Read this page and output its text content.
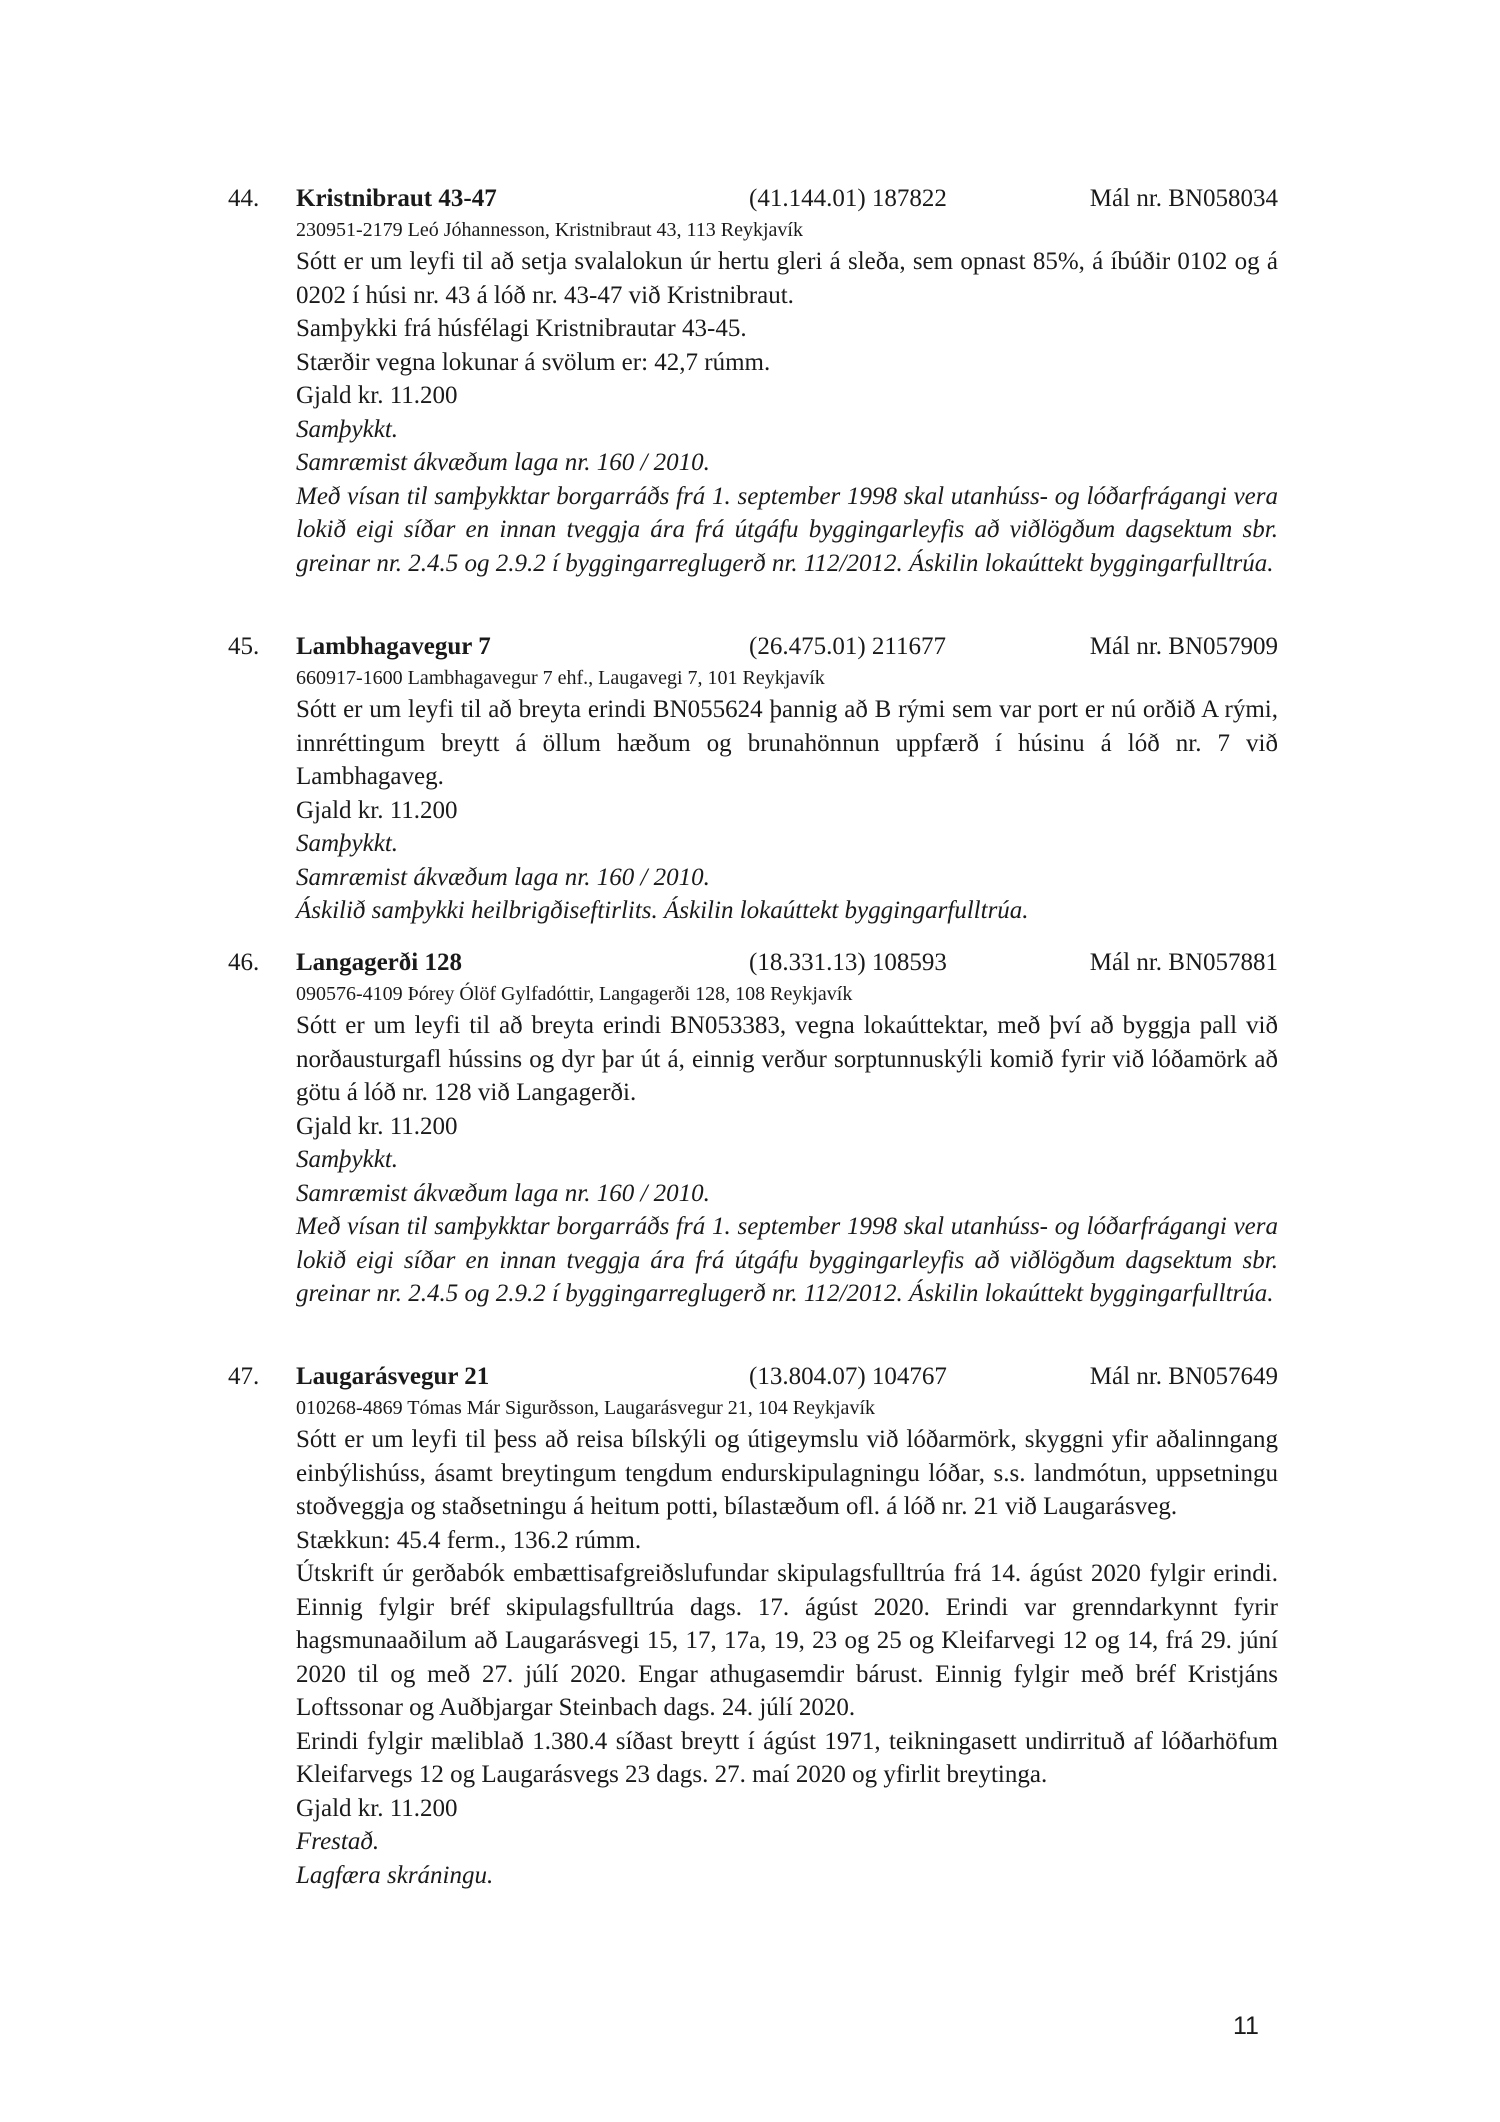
44. Kristnibraut 43-47	(41.144.01) 187822	Mál nr. BN058034
230951-2179 Leó Jóhannesson, Kristnibraut 43, 113 Reykjavík
Sótt er um leyfi til að setja svalalokun úr hertu gleri á sleða, sem opnast 85%, á íbúðir 0102 og á 0202 í húsi nr. 43 á lóð nr. 43-47 við Kristnibraut.
Samþykki frá húsfélagi Kristnibrautar 43-45.
Stærðir vegna lokunar á svölum er: 42,7 rúmm.
Gjald kr. 11.200
Samþykkt.
Samræmist ákvæðum laga nr. 160 / 2010.
Með vísan til samþykktar borgarráðs frá 1. september 1998 skal utanhúss- og lóðarfrágangi vera lokið eigi síðar en innan tveggja ára frá útgáfu byggingarleyfis að viðlögðum dagsektum sbr. greinar nr. 2.4.5 og 2.9.2 í byggingarreglugerð nr. 112/2012. Áskilin lokaúttekt byggingarfulltrúa.
45. Lambhagavegur 7	(26.475.01) 211677	Mál nr. BN057909
660917-1600 Lambhagavegur 7 ehf., Laugavegi 7, 101 Reykjavík
Sótt er um leyfi til að breyta erindi BN055624 þannig að B rými sem var port er nú orðið A rými, innréttingum breytt á öllum hæðum og brunahönnun uppfærð í húsinu á lóð nr. 7 við Lambhagaveg.
Gjald kr. 11.200
Samþykkt.
Samræmist ákvæðum laga nr. 160 / 2010.
Áskilið samþykki heilbrigðiseftirlits. Áskilin lokaúttekt byggingarfulltrúa.
46. Langagerði 128	(18.331.13) 108593	Mál nr. BN057881
090576-4109 Þórey Ólöf Gylfadóttir, Langagerði 128, 108 Reykjavík
Sótt er um leyfi til að breyta erindi BN053383, vegna lokaúttektar, með því að byggja pall við norðausturgafl hússins og dyr þar út á, einnig verður sorptunnuskýli komið fyrir við lóðamörk að götu á lóð nr. 128 við Langagerði.
Gjald kr. 11.200
Samþykkt.
Samræmist ákvæðum laga nr. 160 / 2010.
Með vísan til samþykktar borgarráðs frá 1. september 1998 skal utanhúss- og lóðarfrágangi vera lokið eigi síðar en innan tveggja ára frá útgáfu byggingarleyfis að viðlögðum dagsektum sbr. greinar nr. 2.4.5 og 2.9.2 í byggingarreglugerð nr. 112/2012. Áskilin lokaúttekt byggingarfulltrúa.
47. Laugarásvegur 21	(13.804.07) 104767	Mál nr. BN057649
010268-4869 Tómas Már Sigurðsson, Laugarásvegur 21, 104 Reykjavík
Sótt er um leyfi til þess að reisa bílskýli og útigeymslu við lóðarmörk, skyggni yfir aðalinngang einbýlishúss, ásamt breytingum tengdum endurskipulagningu lóðar, s.s. landmótun, uppsetningu stoðveggja og staðsetningu á heitum potti, bílastæðum ofl. á lóð nr. 21 við Laugarásveg.
Stækkun: 45.4 ferm., 136.2 rúmm.
Útskrift úr gerðabók embættisafgreiðslufundar skipulagsfulltrúa frá 14. ágúst 2020 fylgir erindi. Einnig fylgir bréf skipulagsfulltrúa dags. 17. ágúst 2020. Erindi var grenndarkynnt fyrir hagsmunaaðilum að Laugarásvegi 15, 17, 17a, 19, 23 og 25 og Kleifarvegi 12 og 14, frá 29. júní 2020 til og með 27. júlí 2020. Engar athugasemdir bárust. Einnig fylgir með bréf Kristjáns Loftssonar og Auðbjargar Steinbach dags. 24. júlí 2020.
Erindi fylgir mæliblað 1.380.4 síðast breytt í ágúst 1971, teikningasett undirrituð af lóðarhöfum Kleifarvegs 12 og Laugarásvegs 23 dags. 27. maí 2020 og yfirlit breytinga.
Gjald kr. 11.200
Frestað.
Lagfæra skráningu.
11
